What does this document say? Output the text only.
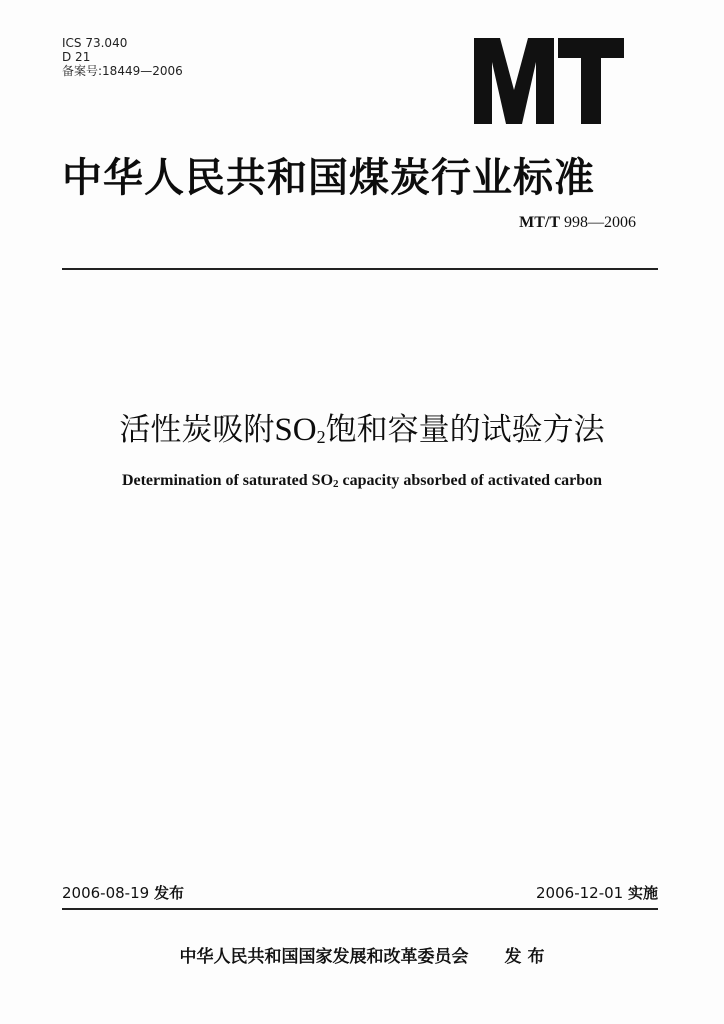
ICS 73.040
D 21
备案号:18449—2006
中华人民共和国煤炭行业标准
MT/T 998—2006
活性炭吸附$SO_2$饱和容量的试验方法
Determination of saturated $SO_2$ capacity absorbed of activated carbon
2006-08-19 发布	2006-12-01 实施
中华人民共和国国家发展和改革委员会 发 布
